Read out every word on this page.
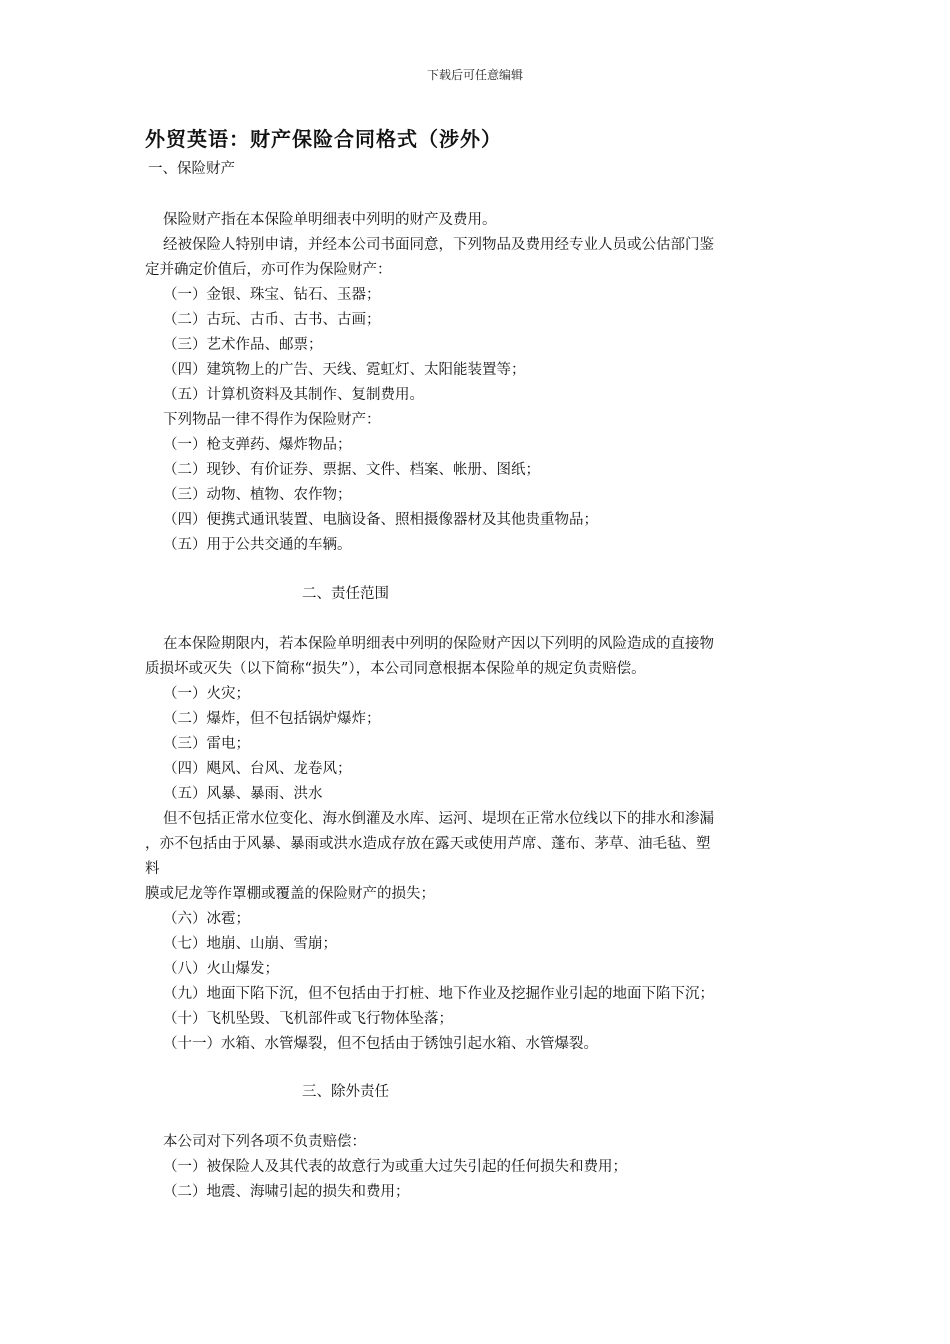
下载后可任意编辑
外贸英语：财产保险合同格式（涉外）
一、保险财产
保险财产指在本保险单明细表中列明的财产及费用。
经被保险人特别申请，并经本公司书面同意，下列物品及费用经专业人员或公估部门鉴
定并确定价值后，亦可作为保险财产：
（一）金银、珠宝、钻石、玉器；
（二）古玩、古币、古书、古画；
（三）艺术作品、邮票；
（四）建筑物上的广告、天线、霓虹灯、太阳能装置等；
（五）计算机资料及其制作、复制费用。
下列物品一律不得作为保险财产：
（一）枪支弹药、爆炸物品；
（二）现钞、有价证券、票据、文件、档案、帐册、图纸；
（三）动物、植物、农作物；
（四）便携式通讯装置、电脑设备、照相摄像器材及其他贵重物品；
（五）用于公共交通的车辆。
二、责任范围
在本保险期限内，若本保险单明细表中列明的保险财产因以下列明的风险造成的直接物
质损坏或灭失（以下简称“损失”），本公司同意根据本保险单的规定负责赔偿。
（一）火灾；
（二）爆炸，但不包括锅炉爆炸；
（三）雷电；
（四）飓风、台风、龙卷风；
（五）风暴、暴雨、洪水
但不包括正常水位变化、海水倒灌及水库、运河、堤坝在正常水位线以下的排水和渗漏
，亦不包括由于风暴、暴雨或洪水造成存放在露天或使用芦席、蓬布、茅草、油毛毡、塑
料
膜或尼龙等作罩棚或覆盖的保险财产的损失；
（六）冰雹；
（七）地崩、山崩、雪崩；
（八）火山爆发；
（九）地面下陷下沉，但不包括由于打桩、地下作业及挖掘作业引起的地面下陷下沉；
（十）飞机坠毁、飞机部件或飞行物体坠落；
（十一）水箱、水管爆裂，但不包括由于锈蚀引起水箱、水管爆裂。
三、除外责任
本公司对下列各项不负责赔偿：
（一）被保险人及其代表的故意行为或重大过失引起的任何损失和费用；
（二）地震、海啸引起的损失和费用；
